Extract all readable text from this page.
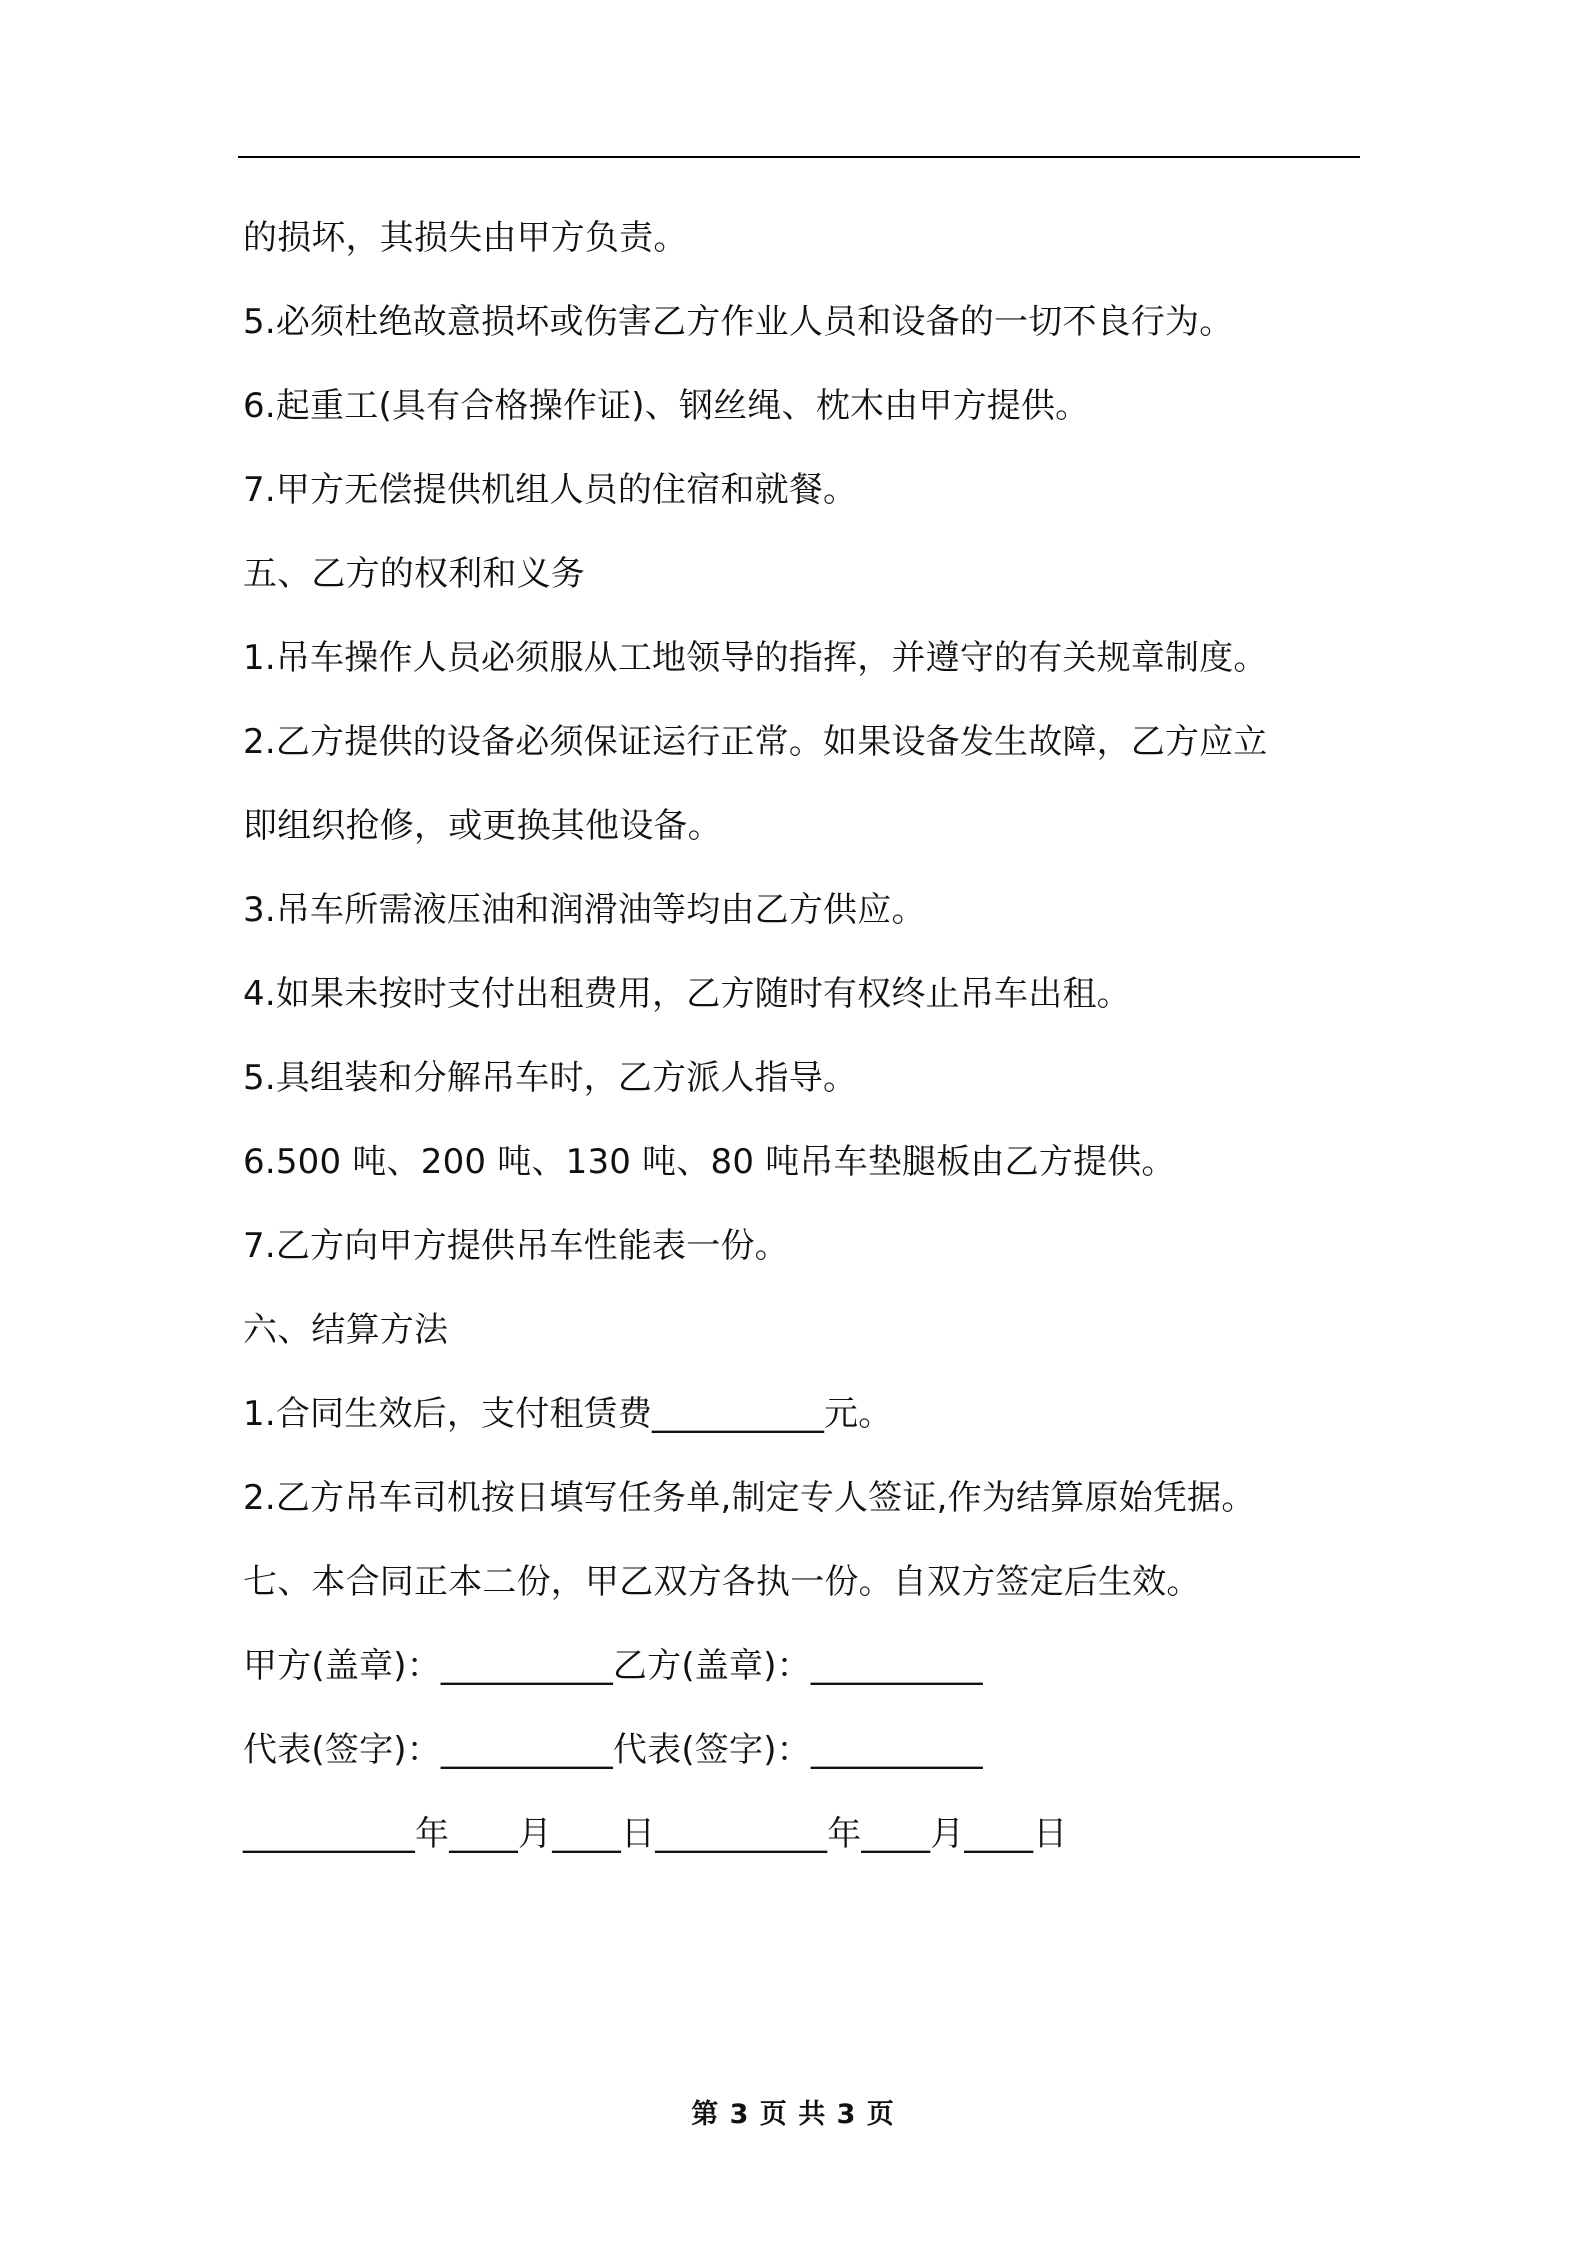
的损坏，其损失由甲方负责。
5.必须杜绝故意损坏或伤害乙方作业人员和设备的一切不良行为。
6.起重工(具有合格操作证)、钢丝绳、枕木由甲方提供。
7.甲方无偿提供机组人员的住宿和就餐。
五、乙方的权利和义务
1.吊车操作人员必须服从工地领导的指挥，并遵守的有关规章制度。
2.乙方提供的设备必须保证运行正常。如果设备发生故障，乙方应立
即组织抢修，或更换其他设备。
3.吊车所需液压油和润滑油等均由乙方供应。
4.如果未按时支付出租费用，乙方随时有权终止吊车出租。
5.具组装和分解吊车时，乙方派人指导。
6.500 吨、200 吨、130 吨、80 吨吊车垫腿板由乙方提供。
7.乙方向甲方提供吊车性能表一份。
六、结算方法
1.合同生效后，支付租赁费__________元。
2.乙方吊车司机按日填写任务单,制定专人签证,作为结算原始凭据。
七、本合同正本二份，甲乙双方各执一份。自双方签定后生效。
甲方(盖章)：__________乙方(盖章)：__________
代表(签字)：__________代表(签字)：__________
__________年____月____日__________年____月____日
第 3 页 共 3 页
